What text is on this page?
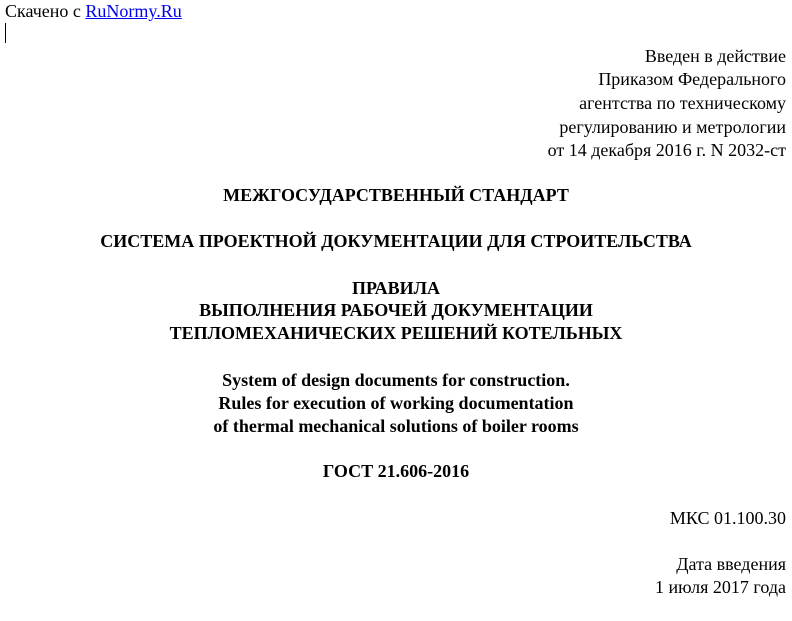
Скачено с RuNormy.Ru
Введен в действие
Приказом Федерального
агентства по техническому
регулированию и метрологии
от 14 декабря 2016 г. N 2032-ст
МЕЖГОСУДАРСТВЕННЫЙ СТАНДАРТ
СИСТЕМА ПРОЕКТНОЙ ДОКУМЕНТАЦИИ ДЛЯ СТРОИТЕЛЬСТВА
ПРАВИЛА
ВЫПОЛНЕНИЯ РАБОЧЕЙ ДОКУМЕНТАЦИИ
ТЕПЛОМЕХАНИЧЕСКИХ РЕШЕНИЙ КОТЕЛЬНЫХ
System of design documents for construction.
Rules for execution of working documentation
of thermal mechanical solutions of boiler rooms
ГОСТ 21.606-2016
МКС 01.100.30
Дата введения
1 июля 2017 года
